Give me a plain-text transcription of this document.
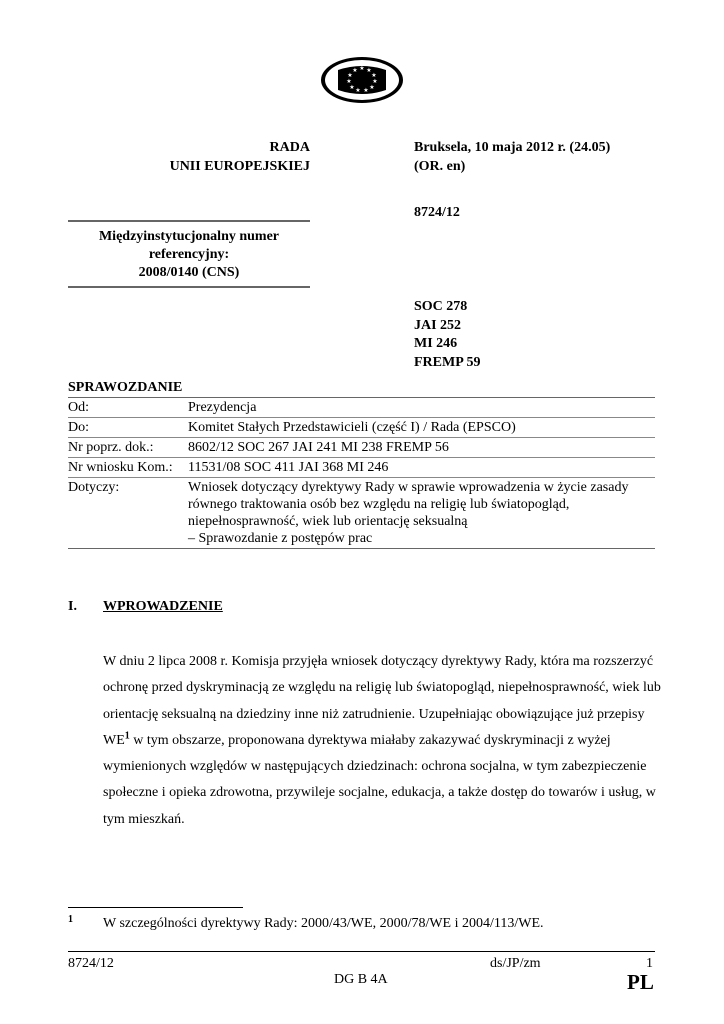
★ ★
★
★
★
★
★
★
★
★
★
RADA
UNII EUROPEJSKIEJ
Bruksela, 10 maja 2012 r. (24.05)
(OR. en)
8724/12
Międzyinstytucjonalny numer
referencyjny:
2008/0140 (CNS)
SOC 278
JAI 252
MI 246
FREMP 59
SPRAWOZDANIE
Od:	Prezydencja
Do:	Komitet Stałych Przedstawicieli (część I) / Rada (EPSCO)
Nr poprz. dok.:	8602/12 SOC 267 JAI 241 MI 238 FREMP 56
Nr wniosku Kom.:	11531/08 SOC 411 JAI 368 MI 246
Dotyczy:	Wniosek dotyczący dyrektywy Rady w sprawie wprowadzenia w życie zasady
równego traktowania osób bez względu na religię lub światopogląd,
niepełnosprawność, wiek lub orientację seksualną
– Sprawozdanie z postępów prac
I. WPROWADZENIE
W dniu 2 lipca 2008 r. Komisja przyjęła wniosek dotyczący dyrektywy Rady, która ma rozszerzyć ochronę przed dyskryminacją ze względu na religię lub światopogląd, niepełnosprawność, wiek lub orientację seksualną na dziedziny inne niż zatrudnienie. Uzupełniając obowiązujące już przepisy $WE^1$ w tym obszarze, proponowana dyrektywa miałaby zakazywać dyskryminacji z wyżej wymienionych względów w następujących dziedzinach: ochrona socjalna, w tym zabezpieczenie społeczne i opieka zdrowotna, przywileje socjalne, edukacja, a także dostęp do towarów i usług, w tym mieszkań.
1 W szczególności dyrektywy Rady: 2000/43/WE, 2000/78/WE i 2004/113/WE.
8724/12	ds/JP/zm	1
DG B 4A	PL
